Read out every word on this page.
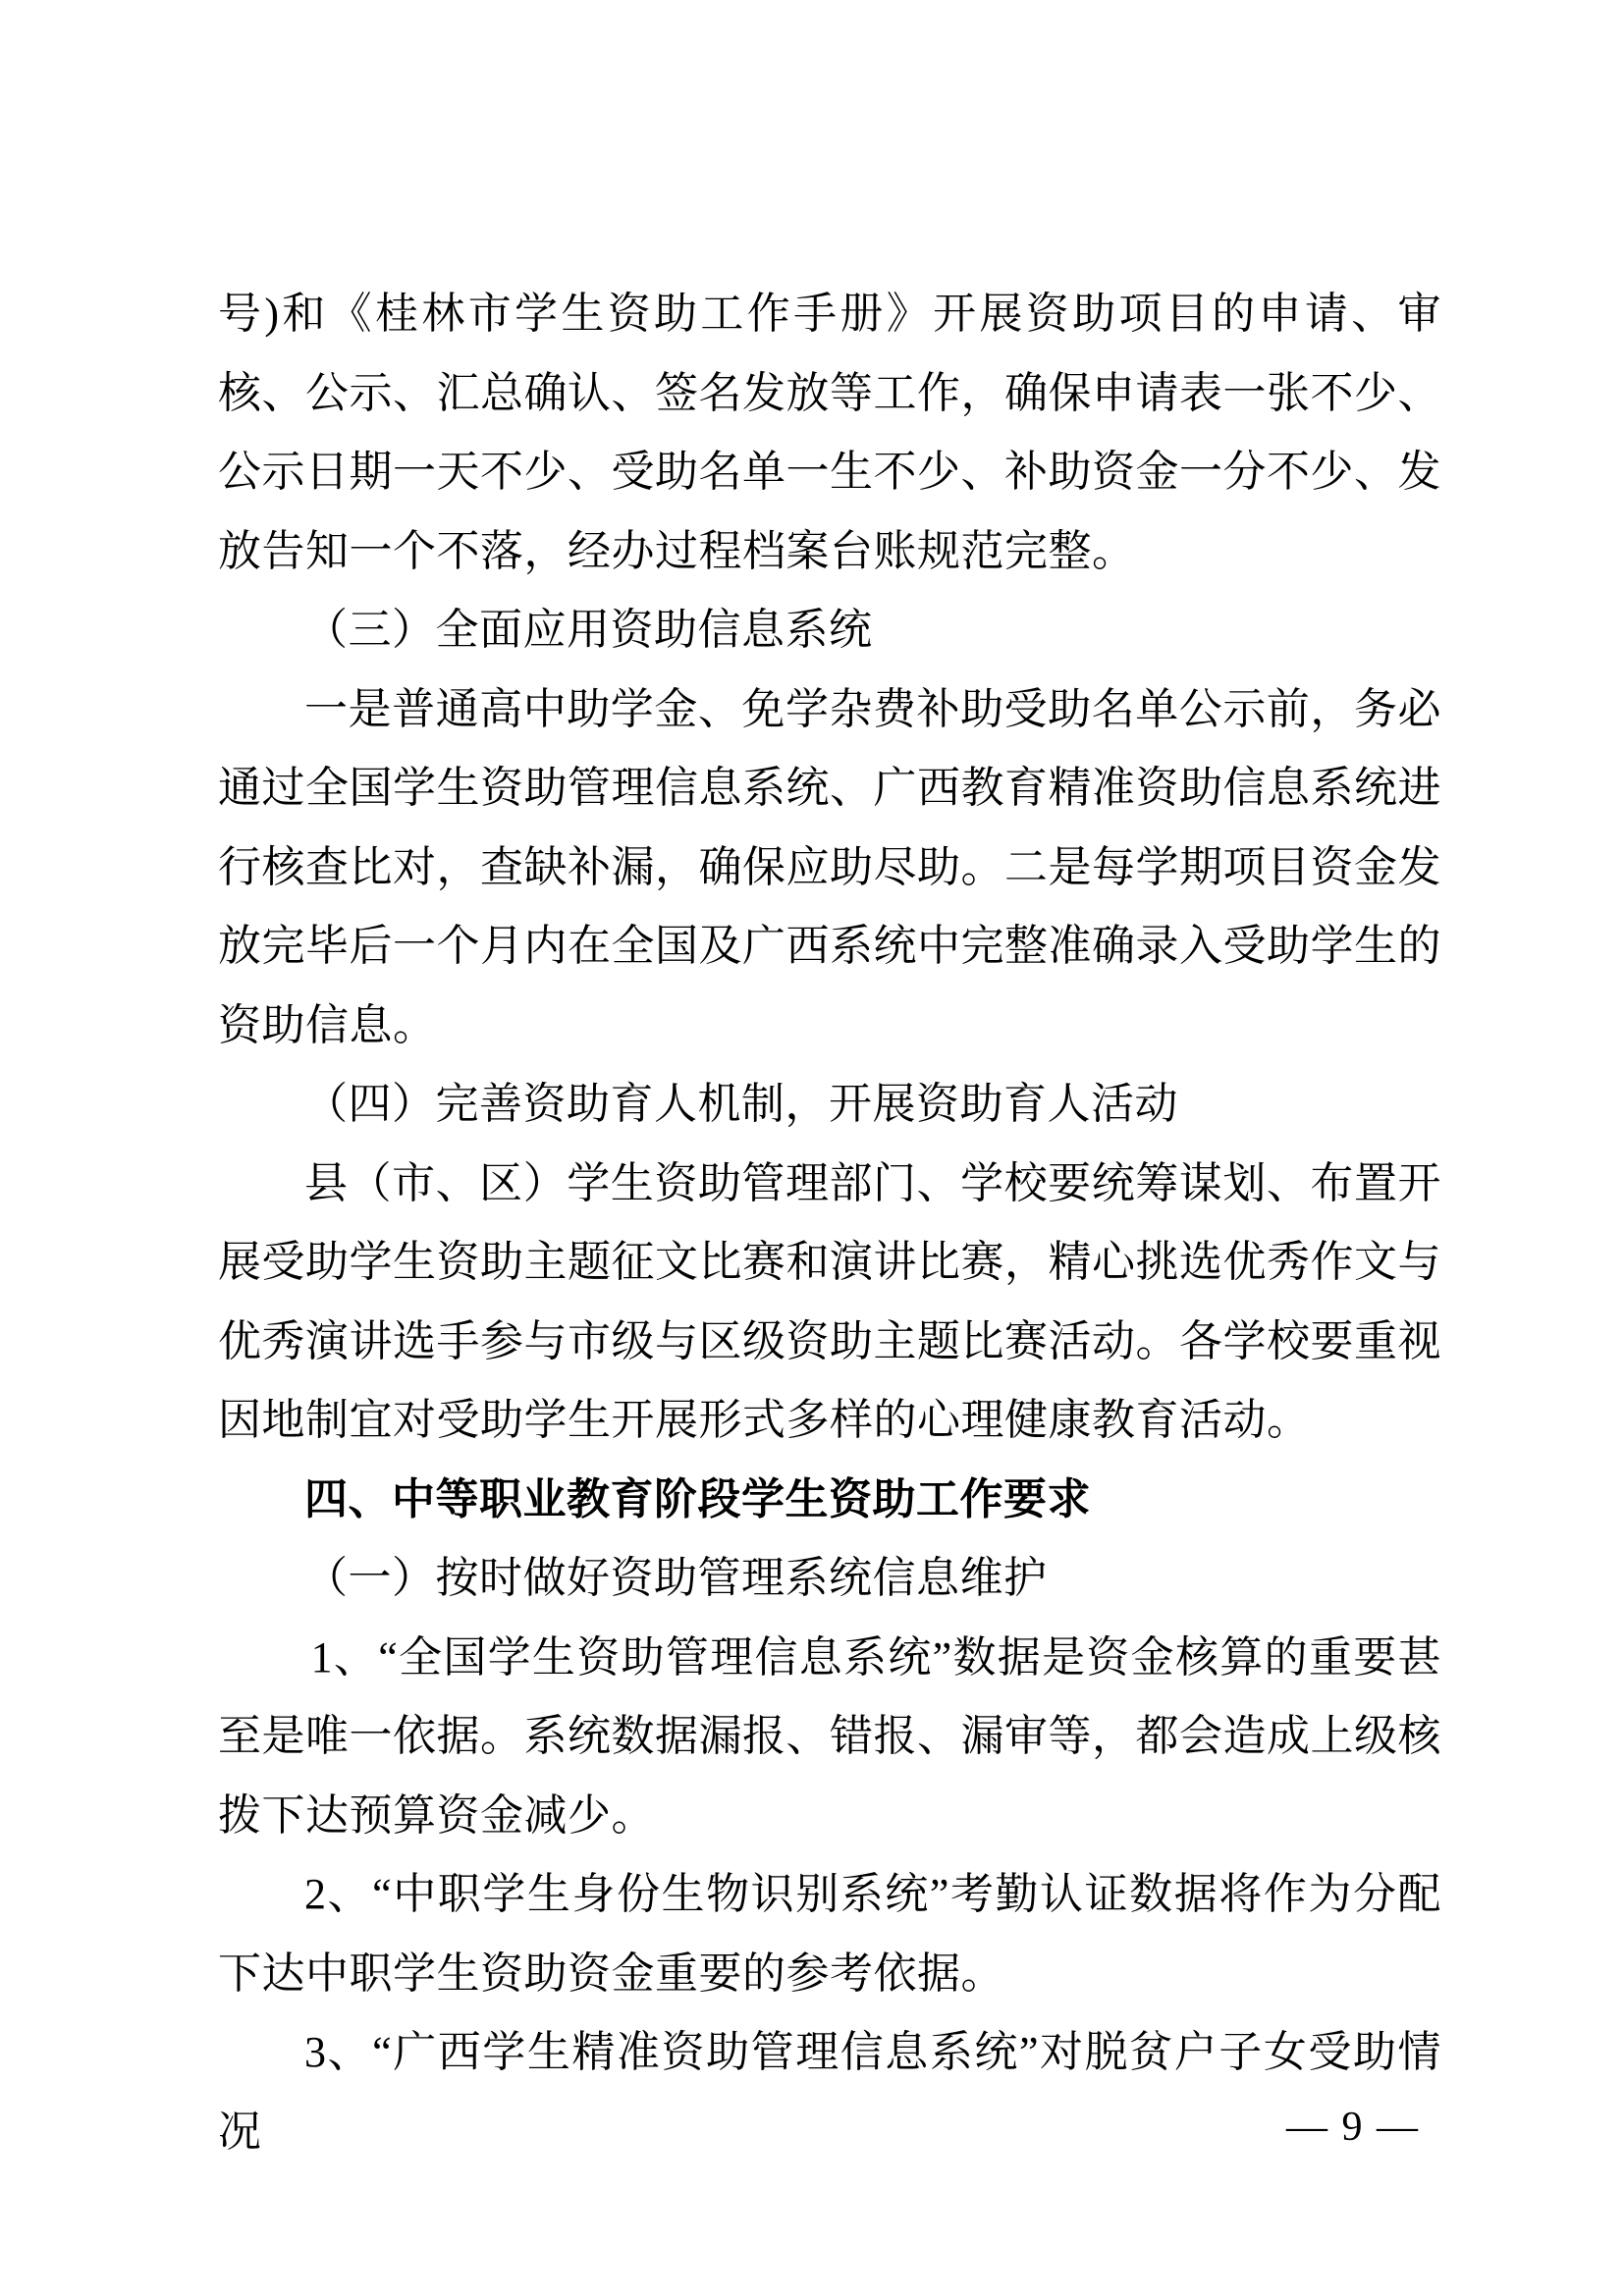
号)和《桂林市学生资助工作手册》开展资助项目的申请、审核、公示、汇总确认、签名发放等工作，确保申请表一张不少、公示日期一天不少、受助名单一生不少、补助资金一分不少、发放告知一个不落，经办过程档案台账规范完整。

（三）全面应用资助信息系统

一是普通高中助学金、免学杂费补助受助名单公示前，务必通过全国学生资助管理信息系统、广西教育精准资助信息系统进行核查比对，查缺补漏，确保应助尽助。二是每学期项目资金发放完毕后一个月内在全国及广西系统中完整准确录入受助学生的资助信息。

（四）完善资助育人机制，开展资助育人活动

县（市、区）学生资助管理部门、学校要统筹谋划、布置开展受助学生资助主题征文比赛和演讲比赛，精心挑选优秀作文与优秀演讲选手参与市级与区级资助主题比赛活动。各学校要重视因地制宜对受助学生开展形式多样的心理健康教育活动。

四、中等职业教育阶段学生资助工作要求

（一）按时做好资助管理系统信息维护

1、“全国学生资助管理信息系统”数据是资金核算的重要甚至是唯一依据。系统数据漏报、错报、漏审等，都会造成上级核拨下达预算资金减少。

2、“中职学生身份生物识别系统”考勤认证数据将作为分配下达中职学生资助资金重要的参考依据。

3、“广西学生精准资助管理信息系统”对脱贫户子女受助情况	— 9 —
